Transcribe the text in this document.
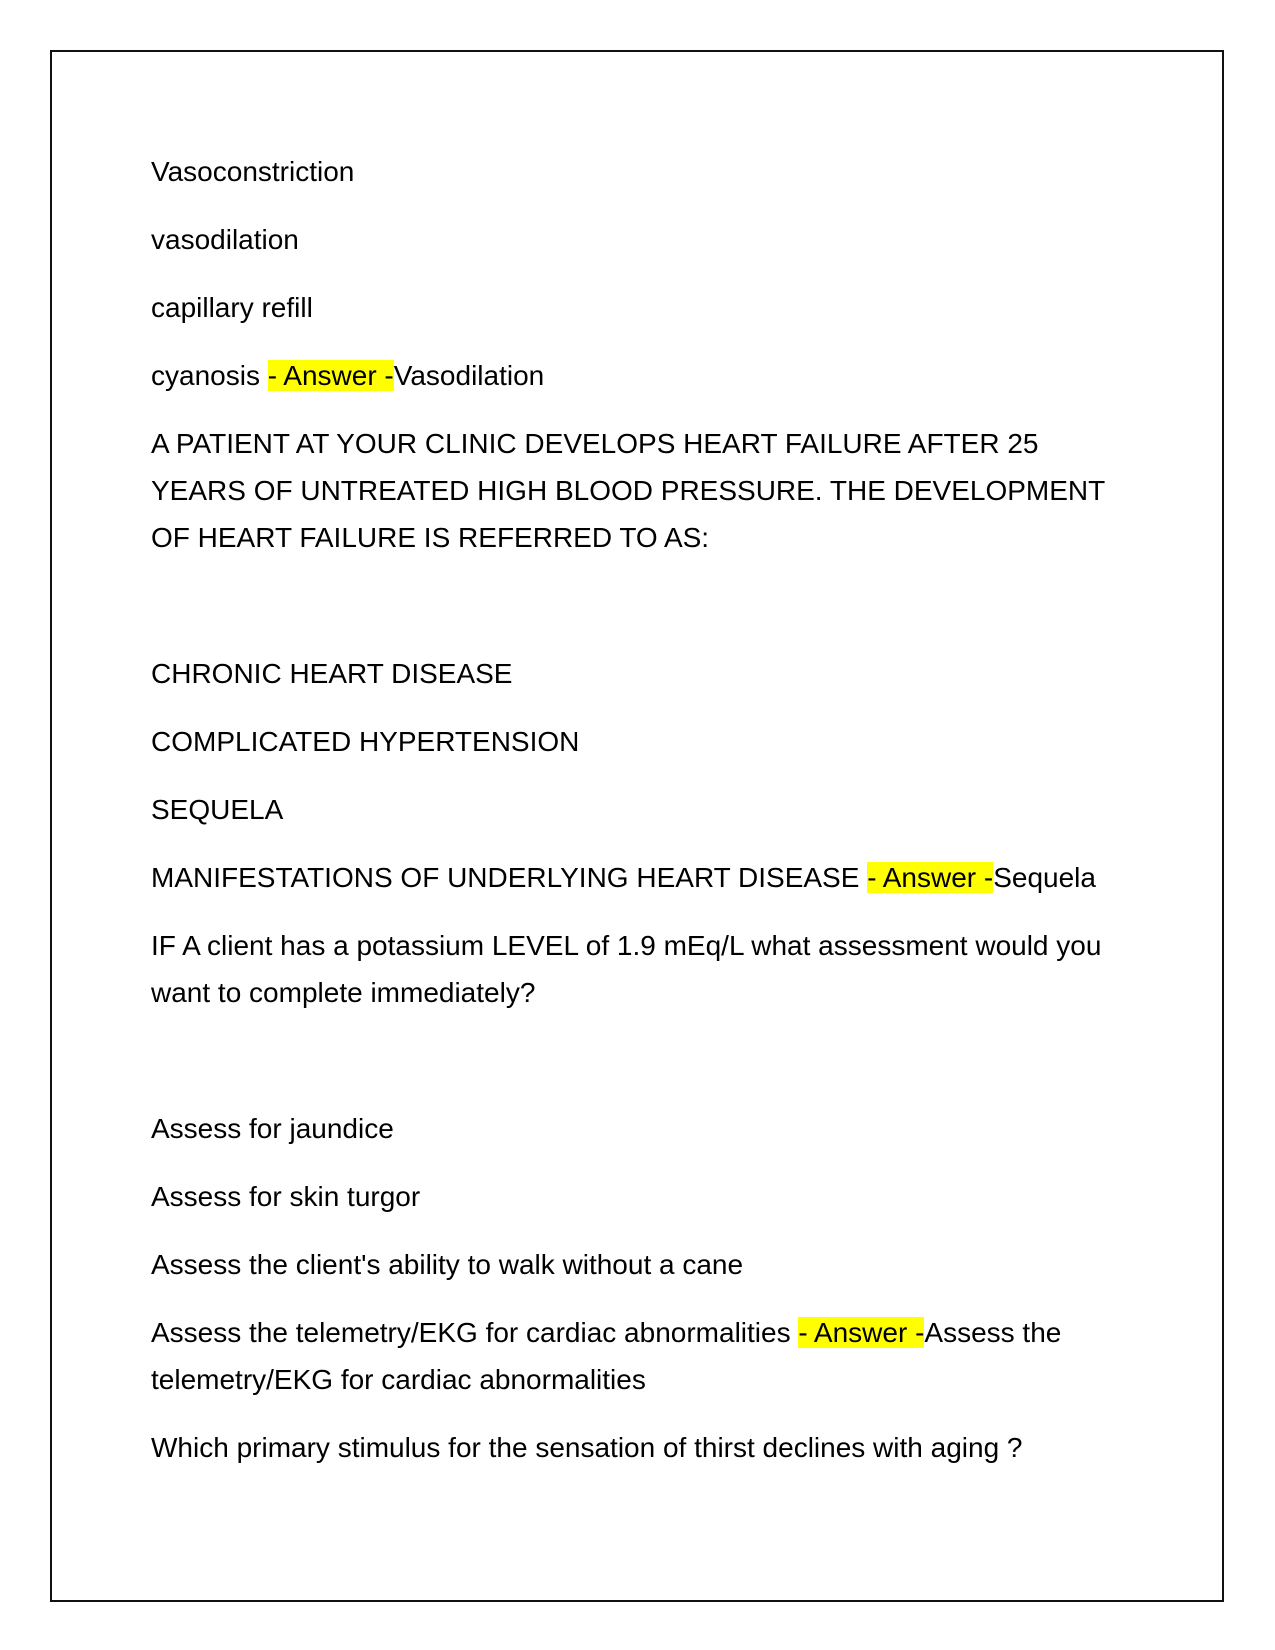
Vasoconstriction

vasodilation

capillary refill

cyanosis - Answer -Vasodilation

A PATIENT AT YOUR CLINIC DEVELOPS HEART FAILURE AFTER 25 YEARS OF UNTREATED HIGH BLOOD PRESSURE. THE DEVELOPMENT OF HEART FAILURE IS REFERRED TO AS:

CHRONIC HEART DISEASE

COMPLICATED HYPERTENSION

SEQUELA

MANIFESTATIONS OF UNDERLYING HEART DISEASE - Answer -Sequela

IF A client has a potassium LEVEL of 1.9 mEq/L what assessment would you want to complete immediately?

Assess for jaundice

Assess for skin turgor

Assess the client's ability to walk without a cane

Assess the telemetry/EKG for cardiac abnormalities - Answer -Assess the telemetry/EKG for cardiac abnormalities

Which primary stimulus for the sensation of thirst declines with aging ?
